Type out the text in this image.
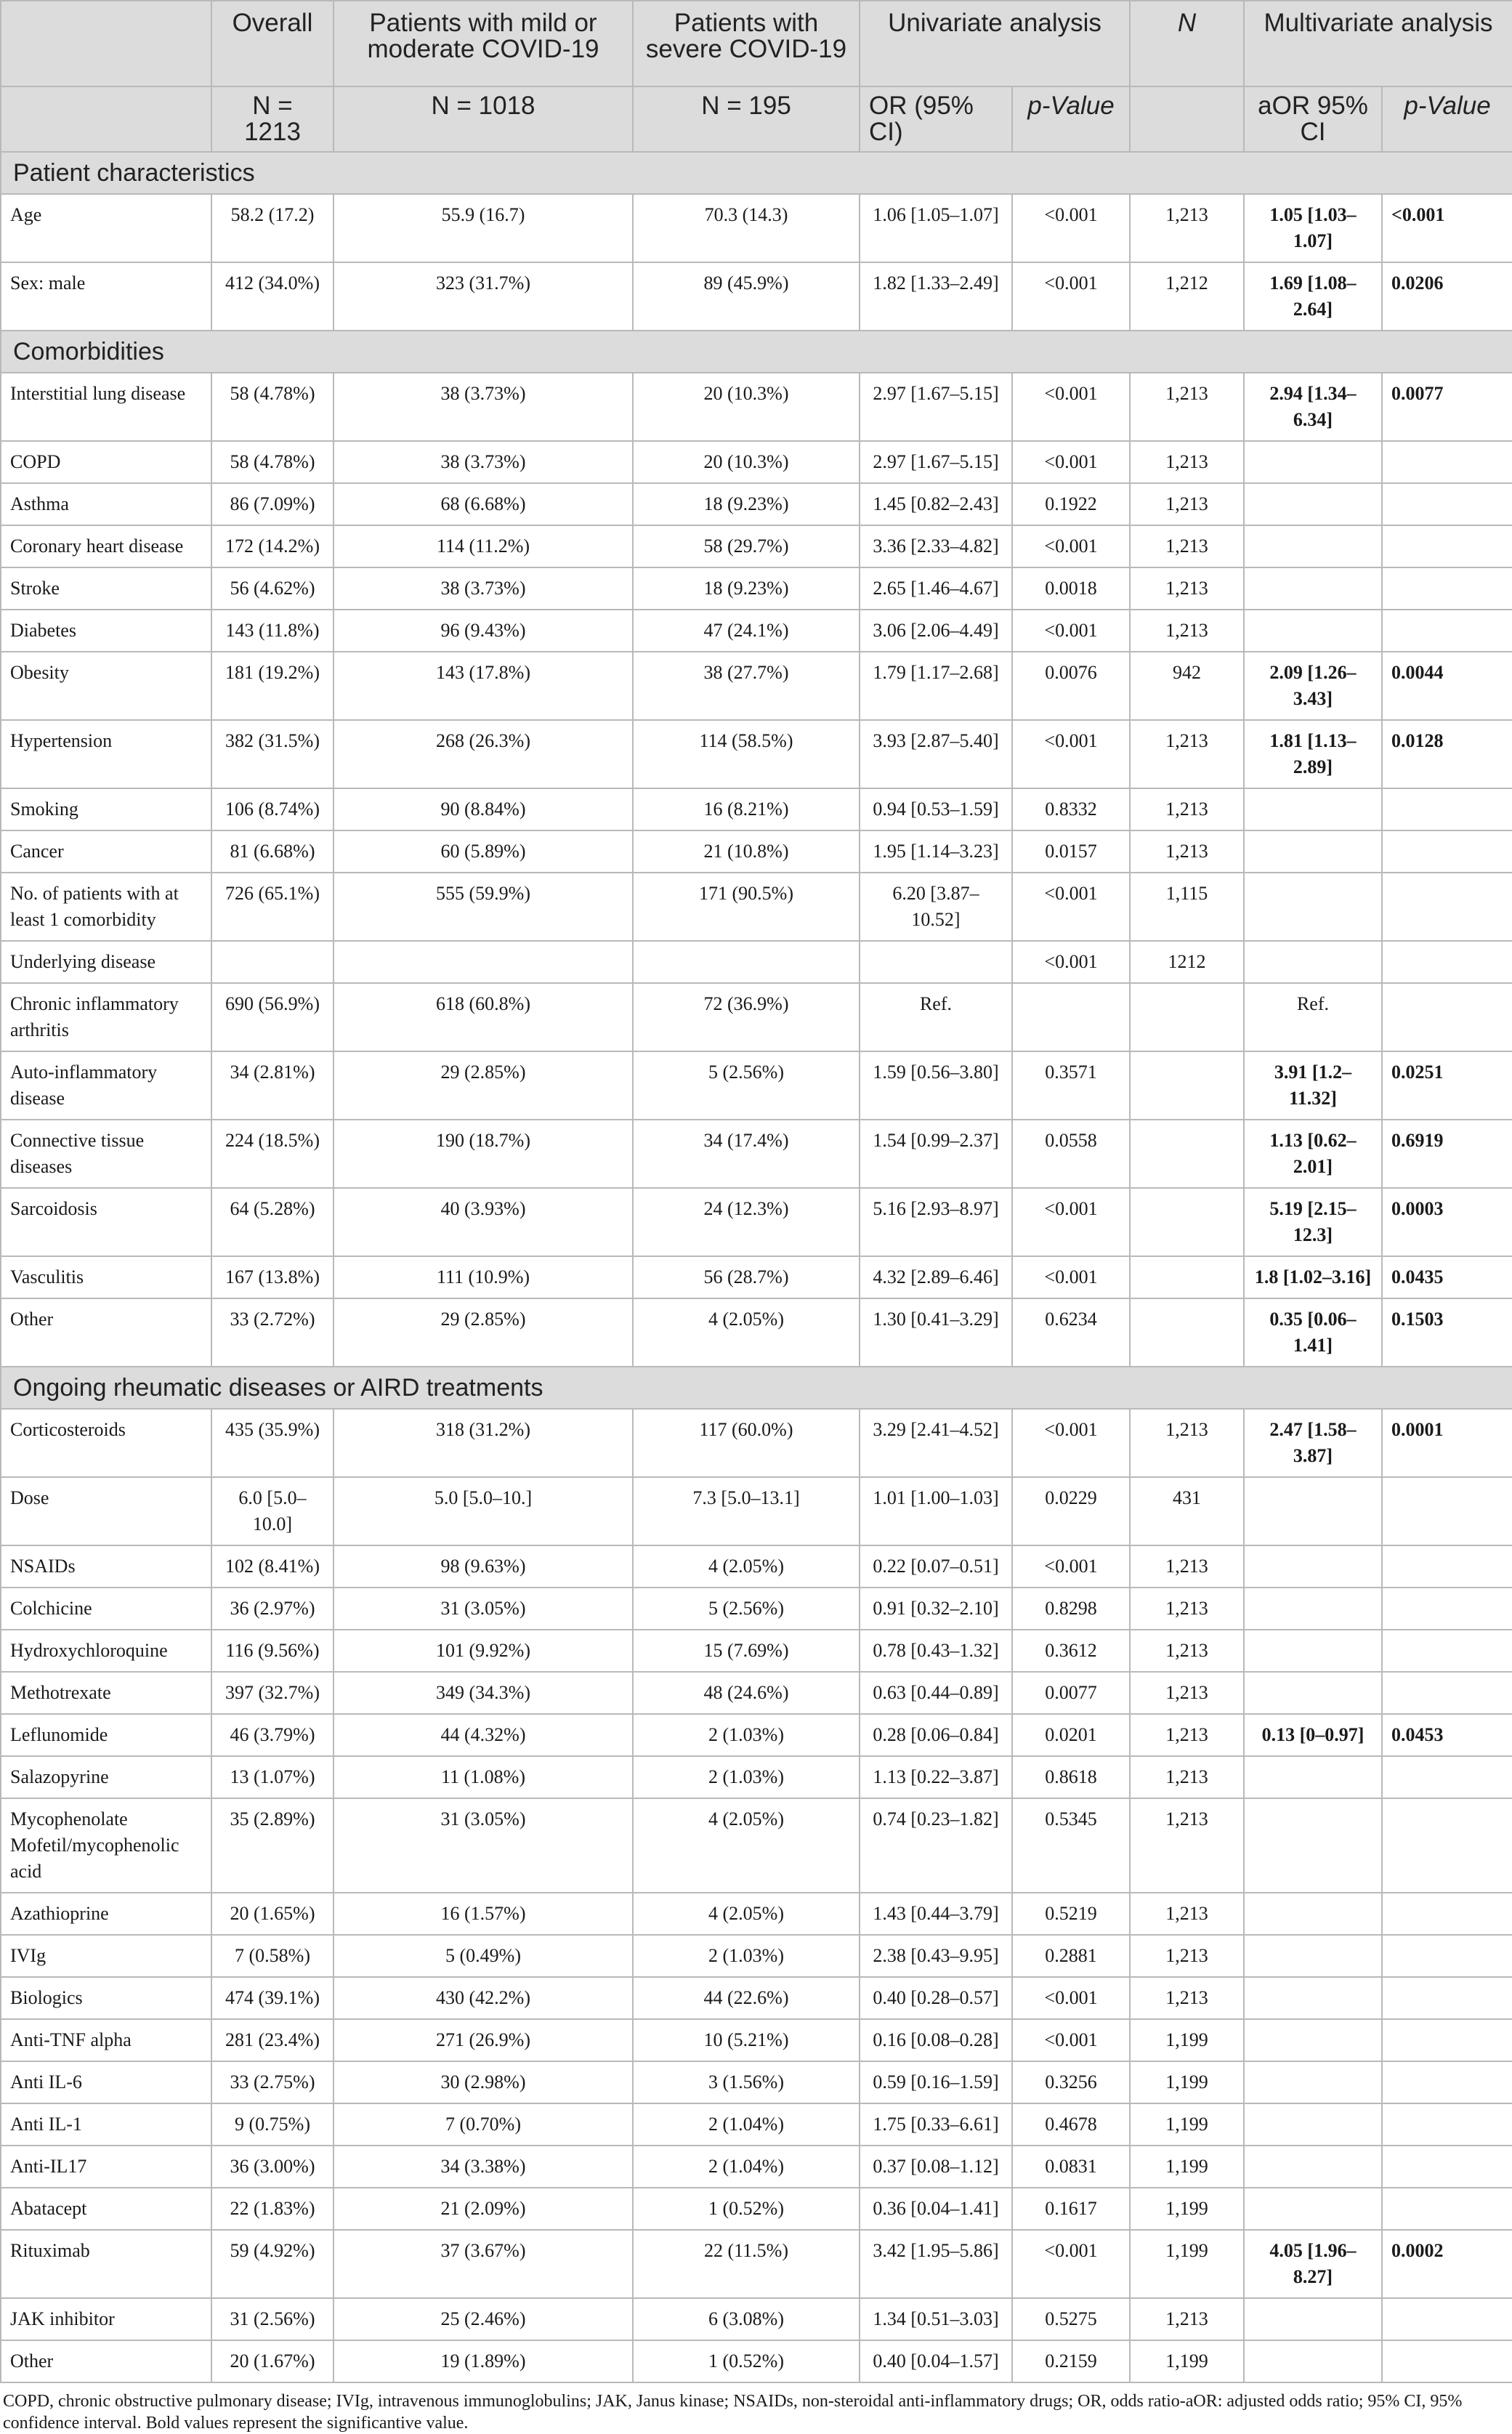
	Overall	Patients with mild or moderate COVID-19	Patients with severe COVID-19	Univariate analysis		N	Multivariate analysis	
	N = 1213	N = 1018	N = 195	OR (95% CI)	p-Value		aOR 95% CI	p-Value
Patient characteristics								
Age	58.2 (17.2)	55.9 (16.7)	70.3 (14.3)	1.06 [1.05–1.07]	<0.001	1,213	1.05 [1.03–1.07]	<0.001
Sex: male	412 (34.0%)	323 (31.7%)	89 (45.9%)	1.82 [1.33–2.49]	<0.001	1,212	1.69 [1.08–2.64]	0.0206
Comorbidities								
Interstitial lung disease	58 (4.78%)	38 (3.73%)	20 (10.3%)	2.97 [1.67–5.15]	<0.001	1,213	2.94 [1.34–6.34]	0.0077
COPD	58 (4.78%)	38 (3.73%)	20 (10.3%)	2.97 [1.67–5.15]	<0.001	1,213		
Asthma	86 (7.09%)	68 (6.68%)	18 (9.23%)	1.45 [0.82–2.43]	0.1922	1,213		
Coronary heart disease	172 (14.2%)	114 (11.2%)	58 (29.7%)	3.36 [2.33–4.82]	<0.001	1,213		
Stroke	56 (4.62%)	38 (3.73%)	18 (9.23%)	2.65 [1.46–4.67]	0.0018	1,213		
Diabetes	143 (11.8%)	96 (9.43%)	47 (24.1%)	3.06 [2.06–4.49]	<0.001	1,213		
Obesity	181 (19.2%)	143 (17.8%)	38 (27.7%)	1.79 [1.17–2.68]	0.0076	942	2.09 [1.26–3.43]	0.0044
Hypertension	382 (31.5%)	268 (26.3%)	114 (58.5%)	3.93 [2.87–5.40]	<0.001	1,213	1.81 [1.13–2.89]	0.0128
Smoking	106 (8.74%)	90 (8.84%)	16 (8.21%)	0.94 [0.53–1.59]	0.8332	1,213		
Cancer	81 (6.68%)	60 (5.89%)	21 (10.8%)	1.95 [1.14–3.23]	0.0157	1,213		
No. of patients with at least 1 comorbidity	726 (65.1%)	555 (59.9%)	171 (90.5%)	6.20 [3.87–10.52]	<0.001	1,115		
Underlying disease					<0.001	1212		
Chronic inflammatory arthritis	690 (56.9%)	618 (60.8%)	72 (36.9%)	Ref.			Ref.	
Auto-inflammatory disease	34 (2.81%)	29 (2.85%)	5 (2.56%)	1.59 [0.56–3.80]	0.3571		3.91 [1.2–11.32]	0.0251
Connective tissue diseases	224 (18.5%)	190 (18.7%)	34 (17.4%)	1.54 [0.99–2.37]	0.0558		1.13 [0.62–2.01]	0.6919
Sarcoidosis	64 (5.28%)	40 (3.93%)	24 (12.3%)	5.16 [2.93–8.97]	<0.001		5.19 [2.15–12.3]	0.0003
Vasculitis	167 (13.8%)	111 (10.9%)	56 (28.7%)	4.32 [2.89–6.46]	<0.001		1.8 [1.02–3.16]	0.0435
Other	33 (2.72%)	29 (2.85%)	4 (2.05%)	1.30 [0.41–3.29]	0.6234		0.35 [0.06–1.41]	0.1503
Ongoing rheumatic diseases or AIRD treatments								
Corticosteroids	435 (35.9%)	318 (31.2%)	117 (60.0%)	3.29 [2.41–4.52]	<0.001	1,213	2.47 [1.58–3.87]	0.0001
Dose	6.0 [5.0–10.0]	5.0 [5.0–10.]	7.3 [5.0–13.1]	1.01 [1.00–1.03]	0.0229	431		
NSAIDs	102 (8.41%)	98 (9.63%)	4 (2.05%)	0.22 [0.07–0.51]	<0.001	1,213		
Colchicine	36 (2.97%)	31 (3.05%)	5 (2.56%)	0.91 [0.32–2.10]	0.8298	1,213		
Hydroxychloroquine	116 (9.56%)	101 (9.92%)	15 (7.69%)	0.78 [0.43–1.32]	0.3612	1,213		
Methotrexate	397 (32.7%)	349 (34.3%)	48 (24.6%)	0.63 [0.44–0.89]	0.0077	1,213		
Leflunomide	46 (3.79%)	44 (4.32%)	2 (1.03%)	0.28 [0.06–0.84]	0.0201	1,213	0.13 [0–0.97]	0.0453
Salazopyrine	13 (1.07%)	11 (1.08%)	2 (1.03%)	1.13 [0.22–3.87]	0.8618	1,213		
Mycophenolate Mofetil/mycophenolic acid	35 (2.89%)	31 (3.05%)	4 (2.05%)	0.74 [0.23–1.82]	0.5345	1,213		
Azathioprine	20 (1.65%)	16 (1.57%)	4 (2.05%)	1.43 [0.44–3.79]	0.5219	1,213		
IVIg	7 (0.58%)	5 (0.49%)	2 (1.03%)	2.38 [0.43–9.95]	0.2881	1,213		
Biologics	474 (39.1%)	430 (42.2%)	44 (22.6%)	0.40 [0.28–0.57]	<0.001	1,213		
Anti-TNF alpha	281 (23.4%)	271 (26.9%)	10 (5.21%)	0.16 [0.08–0.28]	<0.001	1,199		
Anti IL-6	33 (2.75%)	30 (2.98%)	3 (1.56%)	0.59 [0.16–1.59]	0.3256	1,199		
Anti IL-1	9 (0.75%)	7 (0.70%)	2 (1.04%)	1.75 [0.33–6.61]	0.4678	1,199		
Anti-IL17	36 (3.00%)	34 (3.38%)	2 (1.04%)	0.37 [0.08–1.12]	0.0831	1,199		
Abatacept	22 (1.83%)	21 (2.09%)	1 (0.52%)	0.36 [0.04–1.41]	0.1617	1,199		
Rituximab	59 (4.92%)	37 (3.67%)	22 (11.5%)	3.42 [1.95–5.86]	<0.001	1,199	4.05 [1.96–8.27]	0.0002
JAK inhibitor	31 (2.56%)	25 (2.46%)	6 (3.08%)	1.34 [0.51–3.03]	0.5275	1,213		
Other	20 (1.67%)	19 (1.89%)	1 (0.52%)	0.40 [0.04–1.57]	0.2159	1,199		
COPD, chronic obstructive pulmonary disease; IVIg, intravenous immunoglobulins; JAK, Janus kinase; NSAIDs, non-steroidal anti-inflammatory drugs; OR, odds ratio-aOR: adjusted odds ratio; 95% CI, 95% confidence interval. Bold values represent the significantive value.
